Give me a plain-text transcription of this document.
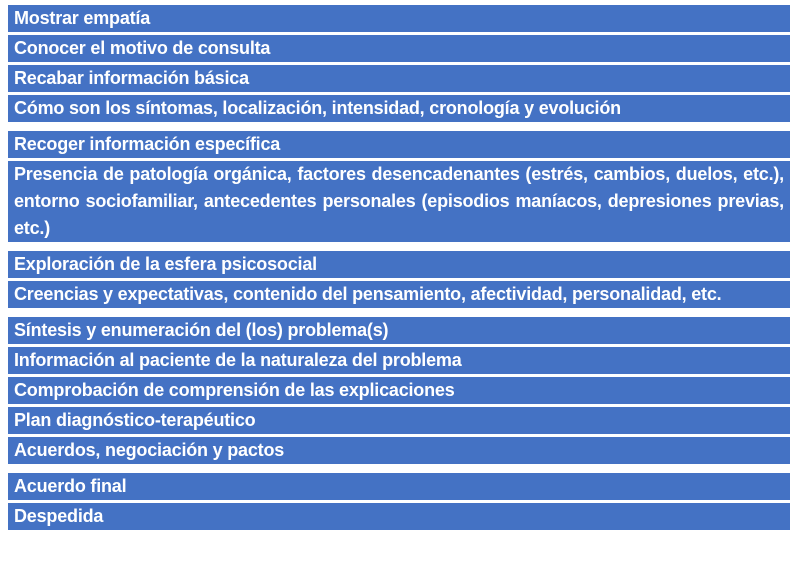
Mostrar empatía
Conocer el motivo de consulta
Recabar información básica
Cómo son los síntomas, localización, intensidad, cronología y evolución
Recoger información específica
Presencia de patología orgánica, factores desencadenantes (estrés, cambios, duelos, etc.), entorno sociofamiliar, antecedentes personales (episodios maníacos, depresiones previas, etc.)
Exploración de la esfera psicosocial
Creencias y expectativas, contenido del pensamiento, afectividad, personalidad, etc.
Síntesis y enumeración del (los) problema(s)
Información al paciente de la naturaleza del problema
Comprobación de comprensión de las explicaciones
Plan diagnóstico-terapéutico
Acuerdos, negociación y pactos
Acuerdo final
Despedida
